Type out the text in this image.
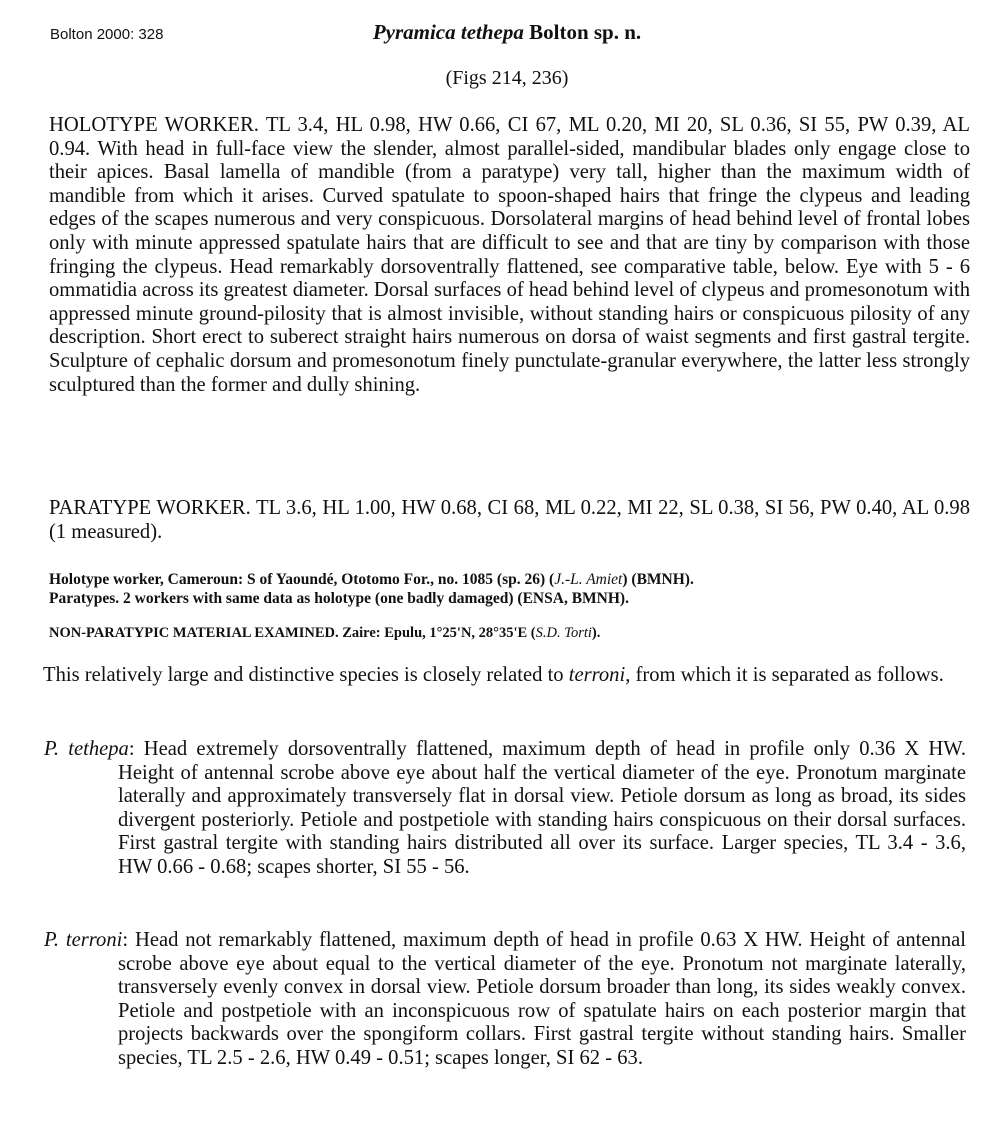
Bolton 2000: 328	Pyramica tethepa Bolton sp. n.
(Figs 214, 236)
HOLOTYPE WORKER. TL 3.4, HL 0.98, HW 0.66, CI 67, ML 0.20, MI 20, SL 0.36, SI 55, PW 0.39, AL 0.94. With head in full-face view the slender, almost parallel-sided, mandibular blades only engage close to their apices. Basal lamella of mandible (from a paratype) very tall, higher than the maximum width of mandible from which it arises. Curved spatulate to spoon-shaped hairs that fringe the clypeus and leading edges of the scapes numerous and very conspicuous. Dorsolateral margins of head behind level of frontal lobes only with minute appressed spatulate hairs that are difficult to see and that are tiny by comparison with those fringing the clypeus. Head remarkably dorsoventrally flattened, see comparative table, below. Eye with 5 - 6 ommatidia across its greatest diameter. Dorsal surfaces of head behind level of clypeus and promesonotum with appressed minute ground-pilosity that is almost invisible, without standing hairs or conspicuous pilosity of any description. Short erect to suberect straight hairs numerous on dorsa of waist segments and first gastral tergite. Sculpture of cephalic dorsum and promesonotum finely punctulate-granular everywhere, the latter less strongly sculptured than the former and dully shining.
PARATYPE WORKER. TL 3.6, HL 1.00, HW 0.68, CI 68, ML 0.22, MI 22, SL 0.38, SI 56, PW 0.40, AL 0.98 (1 measured).
Holotype worker, Cameroun: S of Yaoundé, Ototomo For., no. 1085 (sp. 26) (J.-L. Amiet) (BMNH).
Paratypes. 2 workers with same data as holotype (one badly damaged) (ENSA, BMNH).
NON-PARATYPIC MATERIAL EXAMINED. Zaire: Epulu, 1°25'N, 28°35'E (S.D. Torti).
This relatively large and distinctive species is closely related to terroni, from which it is separated as follows.
P. tethepa: Head extremely dorsoventrally flattened, maximum depth of head in profile only 0.36 X HW. Height of antennal scrobe above eye about half the vertical diameter of the eye. Pronotum marginate laterally and approximately transversely flat in dorsal view. Petiole dorsum as long as broad, its sides divergent posteriorly. Petiole and postpetiole with standing hairs conspicuous on their dorsal surfaces. First gastral tergite with standing hairs distributed all over its surface. Larger species, TL 3.4 - 3.6, HW 0.66 - 0.68; scapes shorter, SI 55 - 56.
P. terroni: Head not remarkably flattened, maximum depth of head in profile 0.63 X HW. Height of antennal scrobe above eye about equal to the vertical diameter of the eye. Pronotum not marginate laterally, transversely evenly convex in dorsal view. Petiole dorsum broader than long, its sides weakly convex. Petiole and postpetiole with an inconspicuous row of spatulate hairs on each posterior margin that projects backwards over the spongiform collars. First gastral tergite without standing hairs. Smaller species, TL 2.5 - 2.6, HW 0.49 - 0.51; scapes longer, SI 62 - 63.
